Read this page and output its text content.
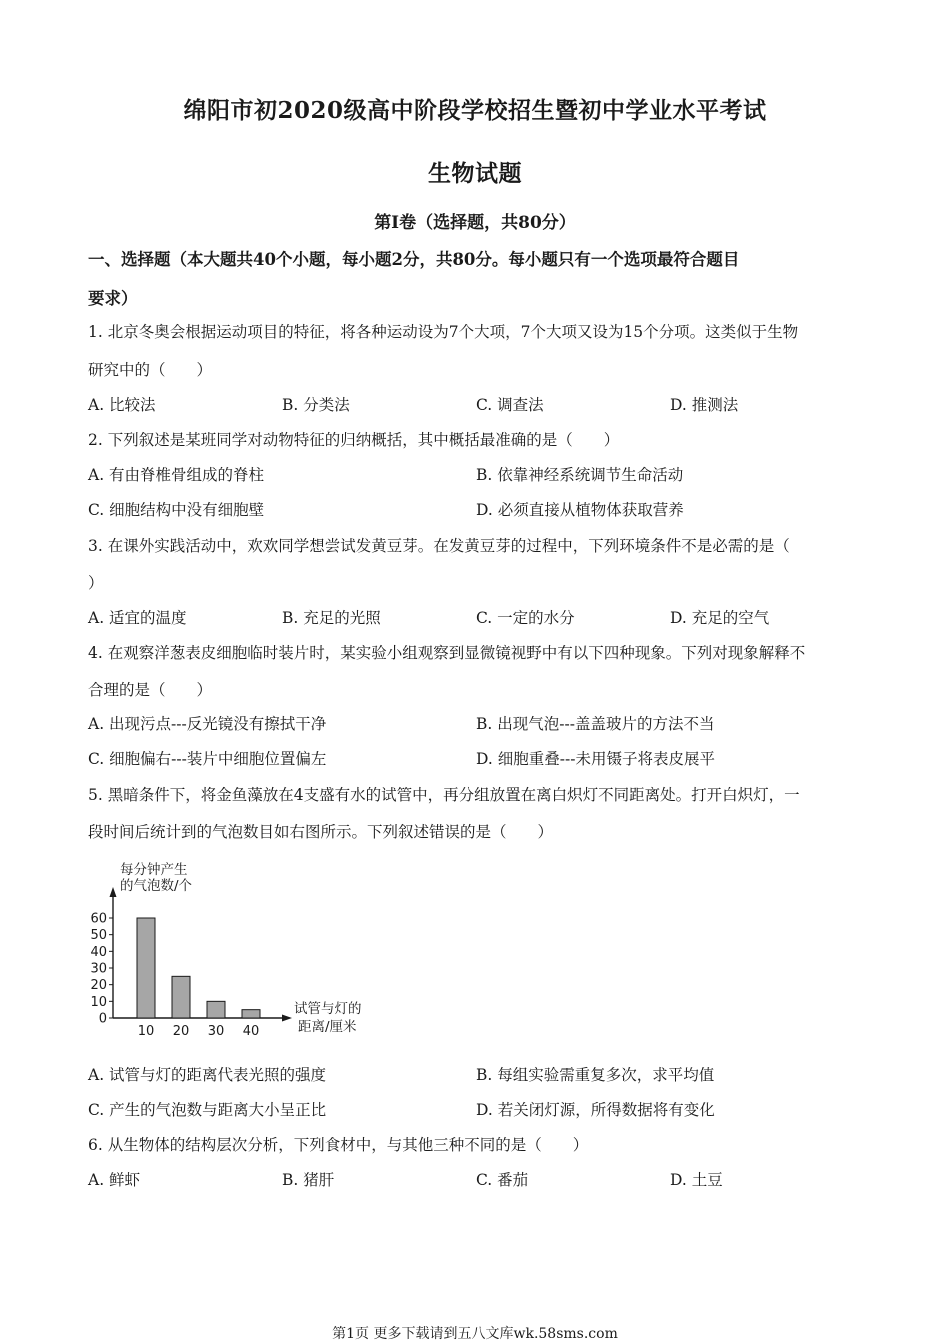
绵阳市初2020级高中阶段学校招生暨初中学业水平考试
生物试题
第I卷（选择题，共80分）
一、选择题（本大题共40个小题，每小题2分，共80分。每小题只有一个选项最符合题目
要求）
1. 北京冬奥会根据运动项目的特征，将各种运动设为7个大项，7个大项又设为15个分项。这类似于生物
研究中的（　　）
A. 比较法	B. 分类法	C. 调查法	D. 推测法
2. 下列叙述是某班同学对动物特征的归纳概括，其中概括最准确的是（　　）
A. 有由脊椎骨组成的脊柱	B. 依靠神经系统调节生命活动
C. 细胞结构中没有细胞壁	D. 必须直接从植物体获取营养
3. 在课外实践活动中，欢欢同学想尝试发黄豆芽。在发黄豆芽的过程中，下列环境条件不是必需的是（
）
A. 适宜的温度	B. 充足的光照	C. 一定的水分	D. 充足的空气
4. 在观察洋葱表皮细胞临时装片时，某实验小组观察到显微镜视野中有以下四种现象。下列对现象解释不
合理的是（　　）
A. 出现污点---反光镜没有擦拭干净	B. 出现气泡---盖盖玻片的方法不当
C. 细胞偏右---装片中细胞位置偏左	D. 细胞重叠---未用镊子将表皮展平
5. 黑暗条件下，将金鱼藻放在4支盛有水的试管中，再分组放置在离白炽灯不同距离处。打开白炽灯，一
段时间后统计到的气泡数目如右图所示。下列叙述错误的是（　　）
每分钟产生
的气泡数/个
试管与灯的
距离/厘米
0
10
20
30
40
50
60
10 20 30 40
A. 试管与灯的距离代表光照的强度	B. 每组实验需重复多次，求平均值
C. 产生的气泡数与距离大小呈正比	D. 若关闭灯源，所得数据将有变化
6. 从生物体的结构层次分析，下列食材中，与其他三种不同的是（　　）
A. 鲜虾	B. 猪肝	C. 番茄	D. 土豆
第1页 更多下载请到五八文库wk.58sms.com
